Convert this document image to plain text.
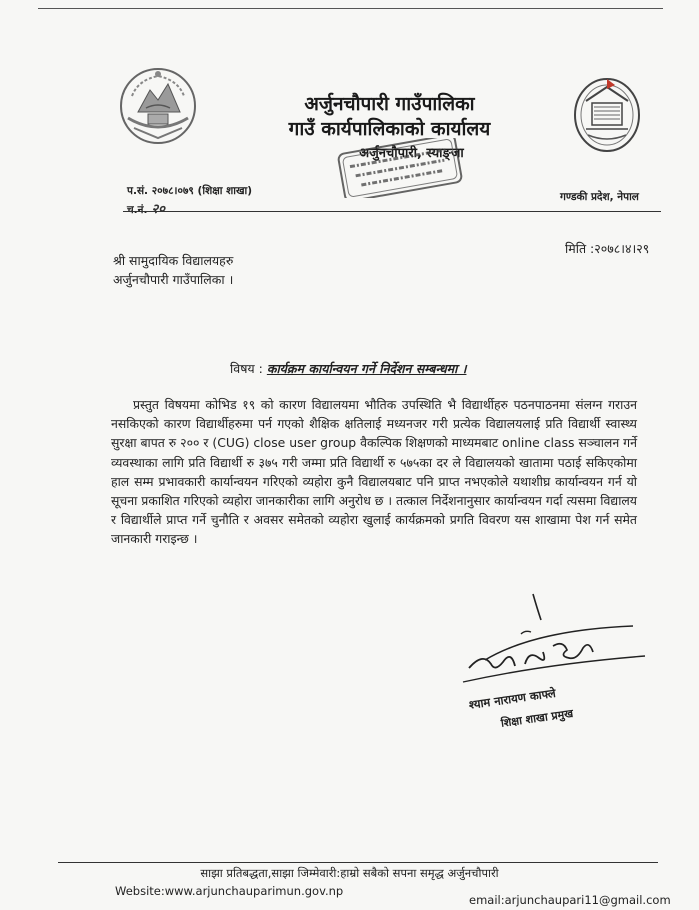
अर्जुनचौपारी गाउँपालिका
गाउँ कार्यपालिकाको कार्यालय
अर्जुनचौपारी, स्याङ्जा
प.सं. २०७८।०७९ (शिक्षा शाखा)
च.नं. २०
गण्डकी प्रदेश, नेपाल
मिति :२०७८।४।२९
श्री सामुदायिक विद्यालयहरु
अर्जुनचौपारी गाउँपालिका ।
विषय : कार्यक्रम कार्यान्वयन गर्ने निर्देशन सम्बन्धमा ।

प्रस्तुत विषयमा कोभिड १९ को कारण विद्यालयमा भौतिक उपस्थिति भै विद्यार्थीहरु पठनपाठनमा संलग्न गराउन नसकिएको कारण विद्यार्थीहरुमा पर्न गएको शैक्षिक क्षतिलाई मध्यनजर गरी प्रत्येक विद्यालयलाई प्रति विद्यार्थी स्वास्थ्य सुरक्षा बापत रु २०० र (CUG) close user group वैकल्पिक शिक्षणको माध्यमबाट online class सञ्चालन गर्ने व्यवस्थाका लागि प्रति विद्यार्थी रु ३७५ गरी जम्मा प्रति विद्यार्थी रु ५७५का दर ले विद्यालयको खातामा पठाई सकिएकोमा हाल सम्म प्रभावकारी कार्यान्वयन गरिएको व्यहोरा कुनै विद्यालयबाट पनि प्राप्त नभएकोले यथाशीघ्र कार्यान्वयन गर्न यो सूचना प्रकाशित गरिएको व्यहोरा जानकारीका लागि अनुरोध छ । तत्काल निर्देशनानुसार कार्यान्वयन गर्दा त्यसमा विद्यालय र विद्यार्थीले प्राप्त गर्ने चुनौति र अवसर समेतको व्यहोरा खुलाई कार्यक्रमको प्रगति विवरण यस शाखामा पेश गर्न समेत जानकारी गराइन्छ ।

श्याम नारायण काफ्ले
शिक्षा शाखा प्रमुख
साझा प्रतिबद्धता,साझा जिम्मेवारी:हाम्रो सबैको सपना समृद्ध अर्जुनचौपारी
Website:www.arjunchauparimun.gov.np
email:arjunchaupari11@gmail.com
